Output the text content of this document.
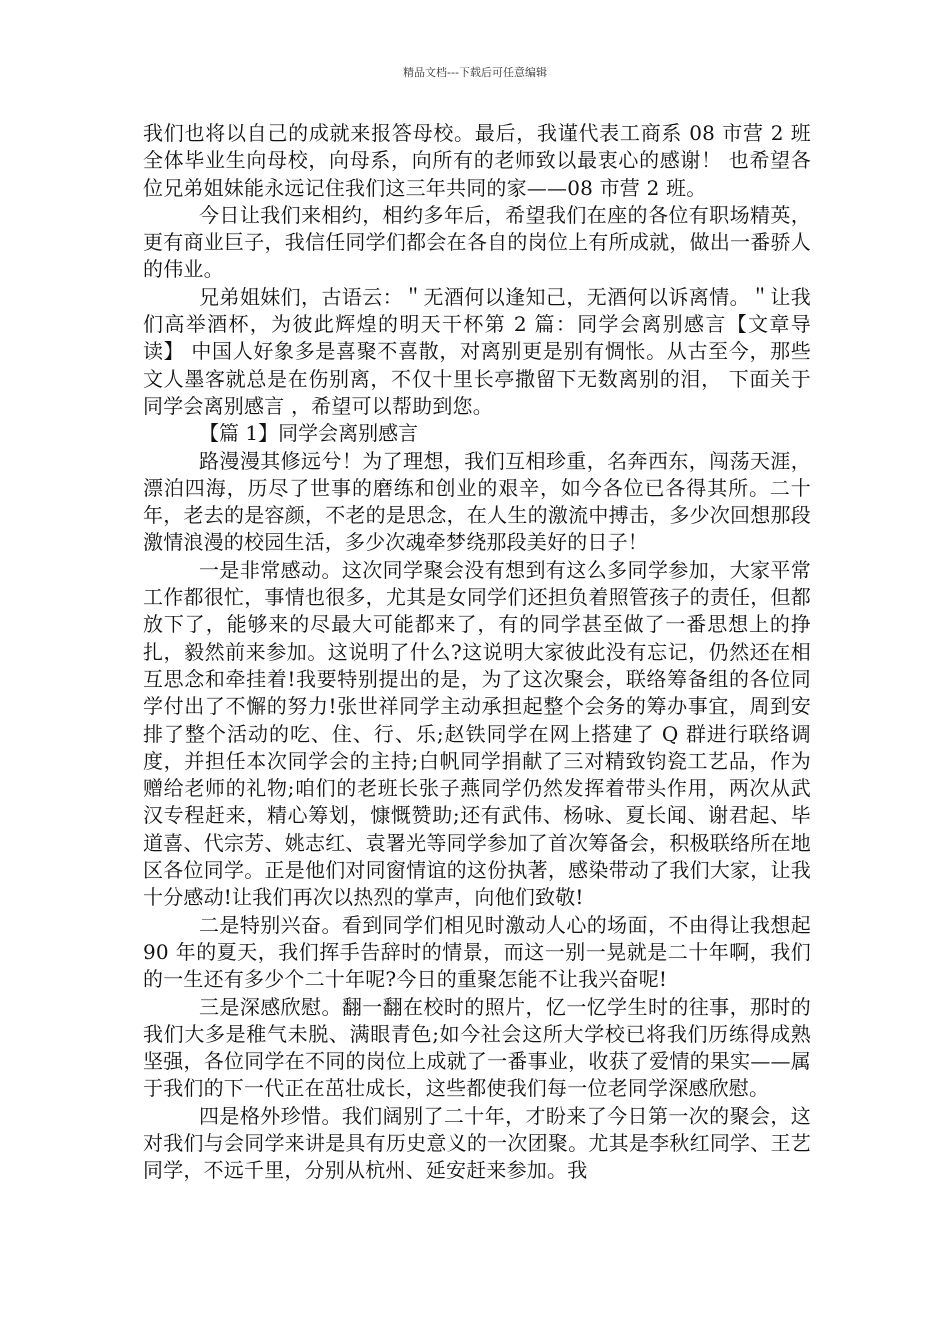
精品文档---下载后可任意编辑

我们也将以自己的成就来报答母校。最后，我谨代表工商系 08 市营 2 班全体毕业生向母校，向母系，向所有的老师致以最衷心的感谢！ 也希望各位兄弟姐妹能永远记住我们这三年共同的家——08 市营 2 班。

今日让我们来相约，相约多年后，希望我们在座的各位有职场精英，更有商业巨子，我信任同学们都会在各自的岗位上有所成就，做出一番骄人的伟业。

兄弟姐妹们，古语云：＂无酒何以逢知己，无酒何以诉离情。＂让我们高举酒杯，为彼此辉煌的明天干杯第 2 篇：同学会离别感言【文章导读】 中国人好象多是喜聚不喜散，对离别更是别有惆怅。从古至今，那些文人墨客就总是在伤别离，不仅十里长亭撒留下无数离别的泪， 下面关于同学会离别感言 ，希望可以帮助到您。

【篇 1】同学会离别感言

路漫漫其修远兮！为了理想，我们互相珍重，名奔西东，闯荡天涯，漂泊四海，历尽了世事的磨练和创业的艰辛，如今各位已各得其所。二十年，老去的是容颜，不老的是思念，在人生的激流中搏击，多少次回想那段激情浪漫的校园生活，多少次魂牵梦绕那段美好的日子！

一是非常感动。这次同学聚会没有想到有这么多同学参加，大家平常工作都很忙，事情也很多，尤其是女同学们还担负着照管孩子的责任，但都放下了，能够来的尽最大可能都来了，有的同学甚至做了一番思想上的挣扎，毅然前来参加。这说明了什么?这说明大家彼此没有忘记，仍然还在相互思念和牵挂着!我要特别提出的是，为了这次聚会，联络筹备组的各位同学付出了不懈的努力!张世祥同学主动承担起整个会务的筹办事宜，周到安排了整个活动的吃、住、行、乐;赵铁同学在网上搭建了 Q 群进行联络调度，并担任本次同学会的主持;白帆同学捐献了三对精致钧瓷工艺品，作为赠给老师的礼物;咱们的老班长张子燕同学仍然发挥着带头作用，两次从武汉专程赶来，精心筹划，慷慨赞助;还有武伟、杨咏、夏长闻、谢君起、毕道喜、代宗芳、姚志红、袁署光等同学参加了首次筹备会，积极联络所在地区各位同学。正是他们对同窗情谊的这份执著，感染带动了我们大家，让我十分感动!让我们再次以热烈的掌声，向他们致敬!

二是特别兴奋。看到同学们相见时激动人心的场面，不由得让我想起 90 年的夏天，我们挥手告辞时的情景，而这一别一晃就是二十年啊，我们的一生还有多少个二十年呢?今日的重聚怎能不让我兴奋呢!

三是深感欣慰。翻一翻在校时的照片，忆一忆学生时的往事，那时的我们大多是稚气未脱、满眼青色;如今社会这所大学校已将我们历练得成熟坚强，各位同学在不同的岗位上成就了一番事业，收获了爱情的果实——属于我们的下一代正在茁壮成长，这些都使我们每一位老同学深感欣慰。

四是格外珍惜。我们阔别了二十年，才盼来了今日第一次的聚会，这对我们与会同学来讲是具有历史意义的一次团聚。尤其是李秋红同学、王艺同学，不远千里，分别从杭州、延安赶来参加。我
